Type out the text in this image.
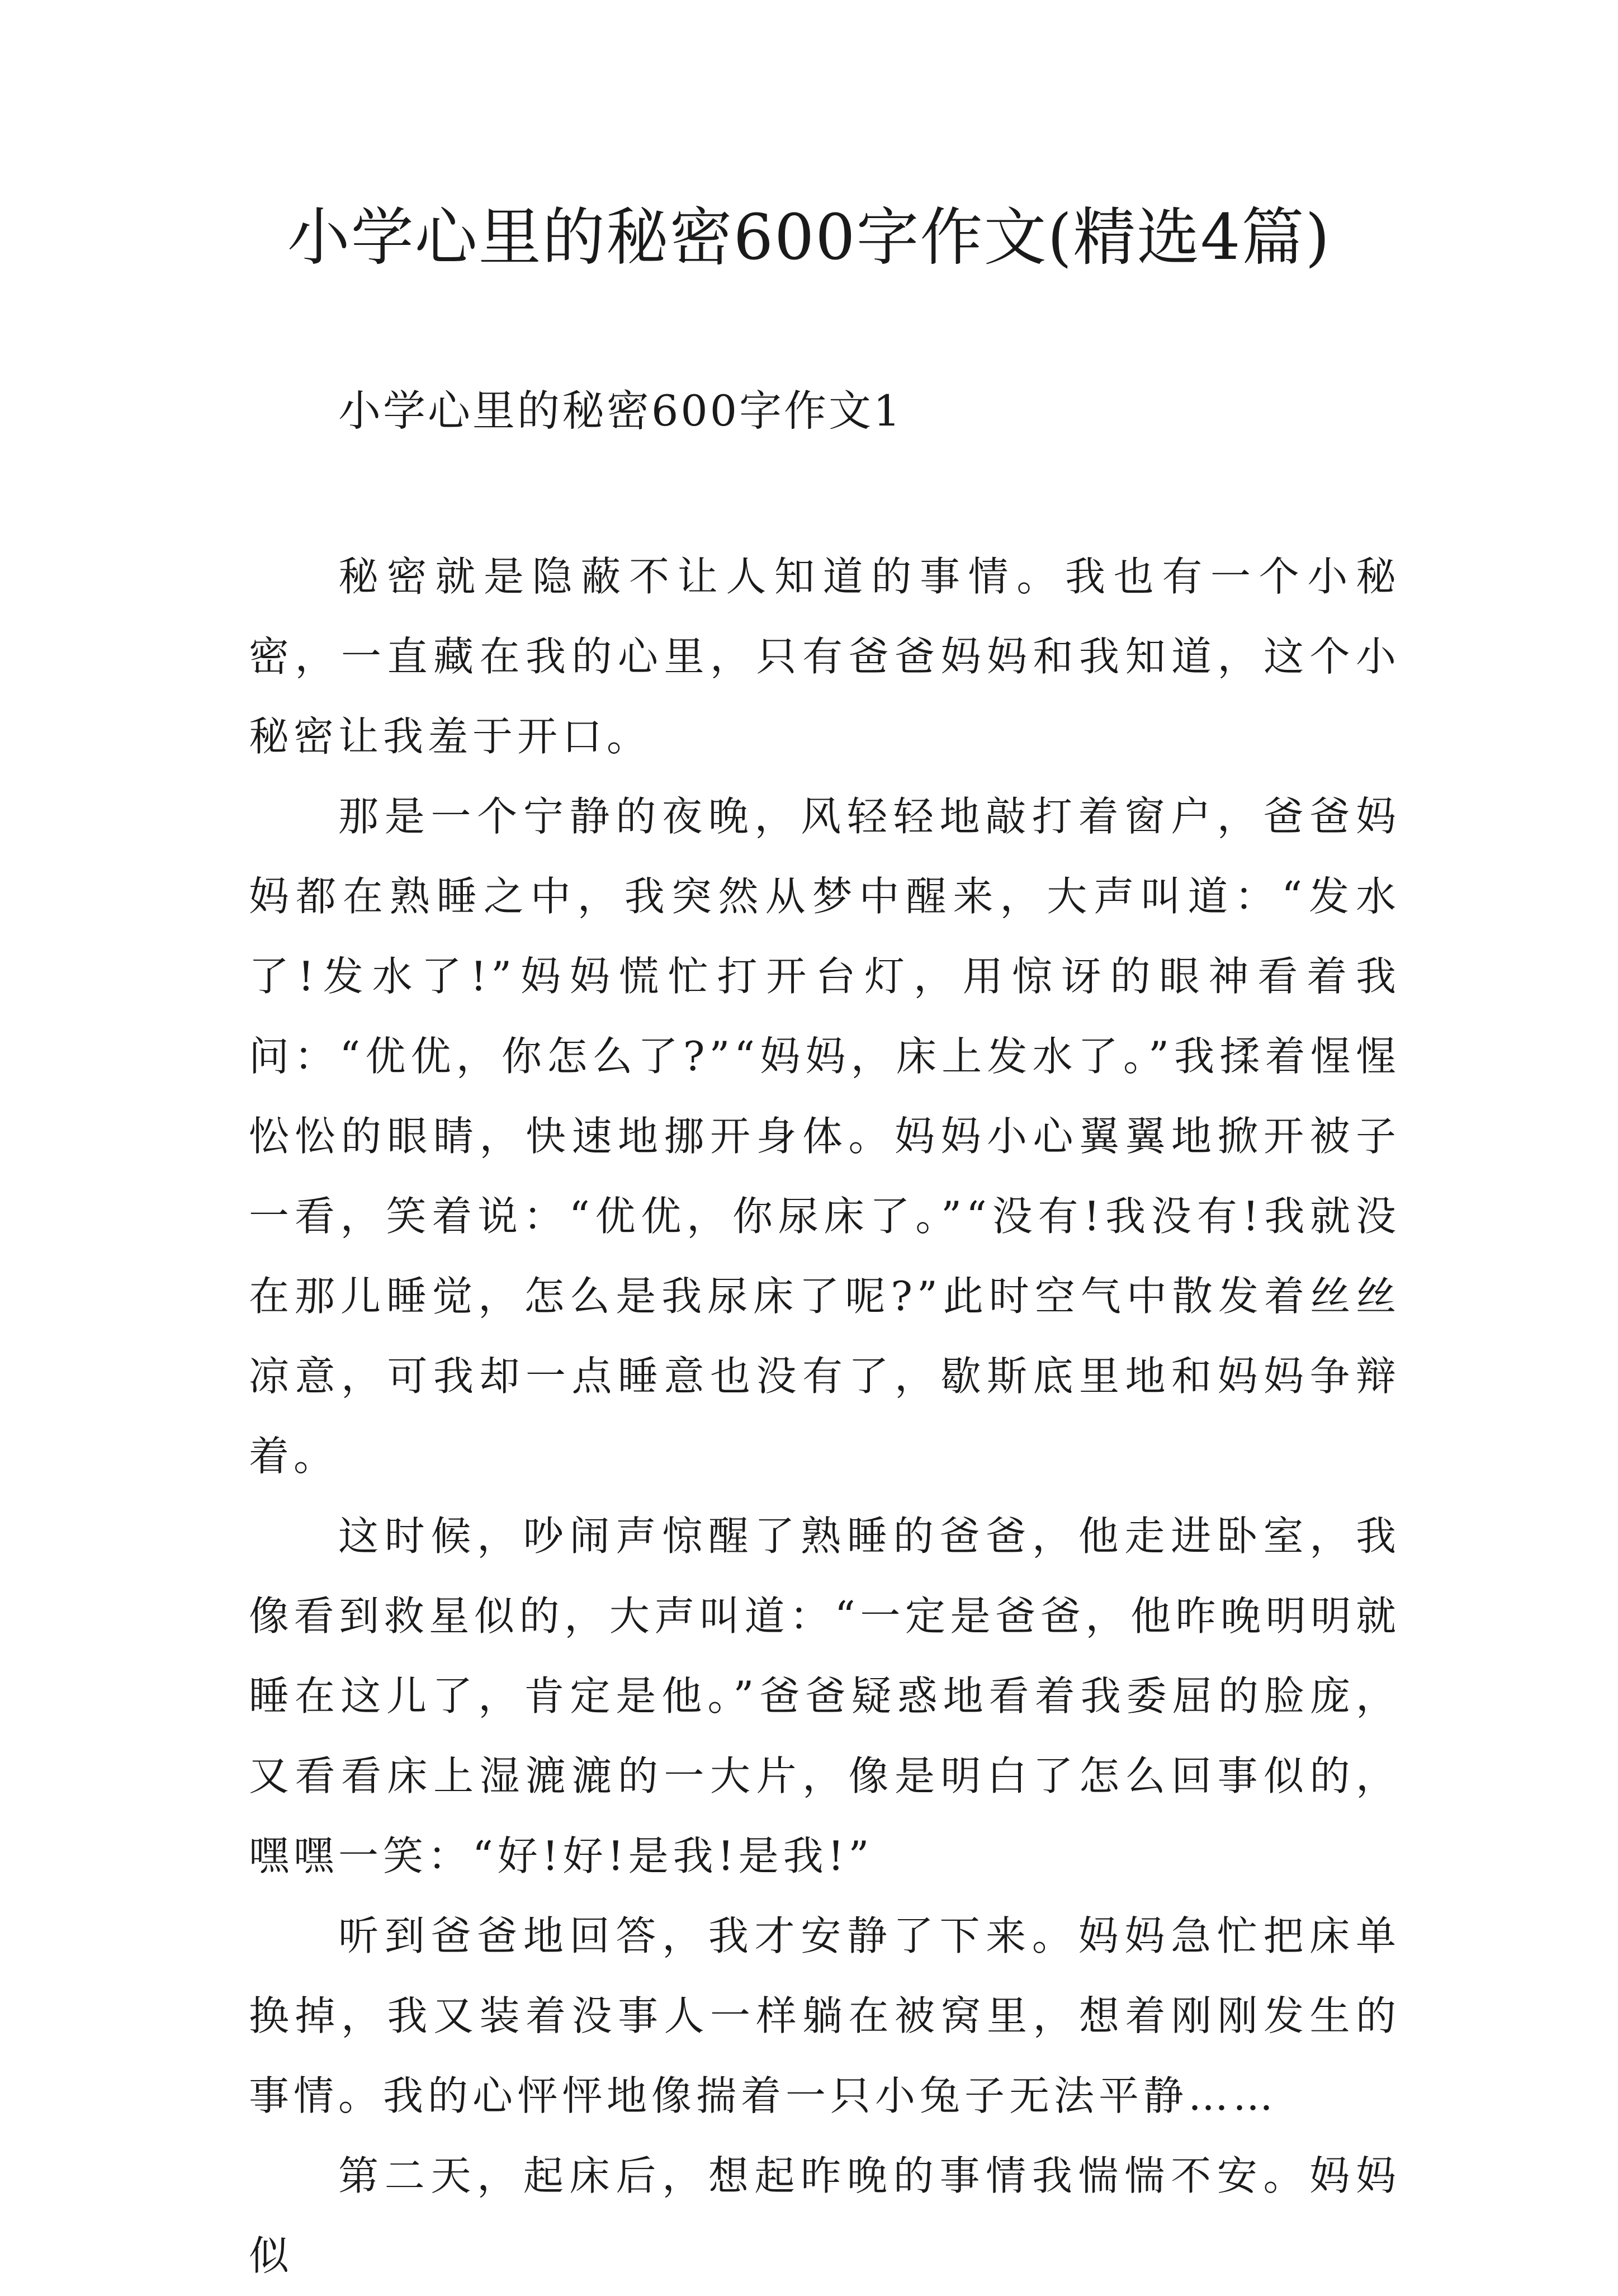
小学心里的秘密600字作文(精选4篇)
小学心里的秘密600字作文1

秘密就是隐蔽不让人知道的事情。我也有一个小秘密，一直藏在我的心里，只有爸爸妈妈和我知道，这个小秘密让我羞于开口。

那是一个宁静的夜晚，风轻轻地敲打着窗户，爸爸妈妈都在熟睡之中，我突然从梦中醒来，大声叫道：“发水了!发水了!”妈妈慌忙打开台灯，用惊讶的眼神看着我问：“优优，你怎么了?”“妈妈，床上发水了。”我揉着惺惺忪忪的眼睛，快速地挪开身体。妈妈小心翼翼地掀开被子一看，笑着说：“优优，你尿床了。”“没有!我没有!我就没在那儿睡觉，怎么是我尿床了呢?”此时空气中散发着丝丝凉意，可我却一点睡意也没有了，歇斯底里地和妈妈争辩着。

这时候，吵闹声惊醒了熟睡的爸爸，他走进卧室，我像看到救星似的，大声叫道：“一定是爸爸，他昨晚明明就睡在这儿了，肯定是他。”爸爸疑惑地看着我委屈的脸庞，又看看床上湿漉漉的一大片，像是明白了怎么回事似的，嘿嘿一笑：“好!好!是我!是我!”

听到爸爸地回答，我才安静了下来。妈妈急忙把床单换掉，我又装着没事人一样躺在被窝里，想着刚刚发生的事情。我的心怦怦地像揣着一只小兔子无法平静……

第二天，起床后，想起昨晚的事情我惴惴不安。妈妈似
